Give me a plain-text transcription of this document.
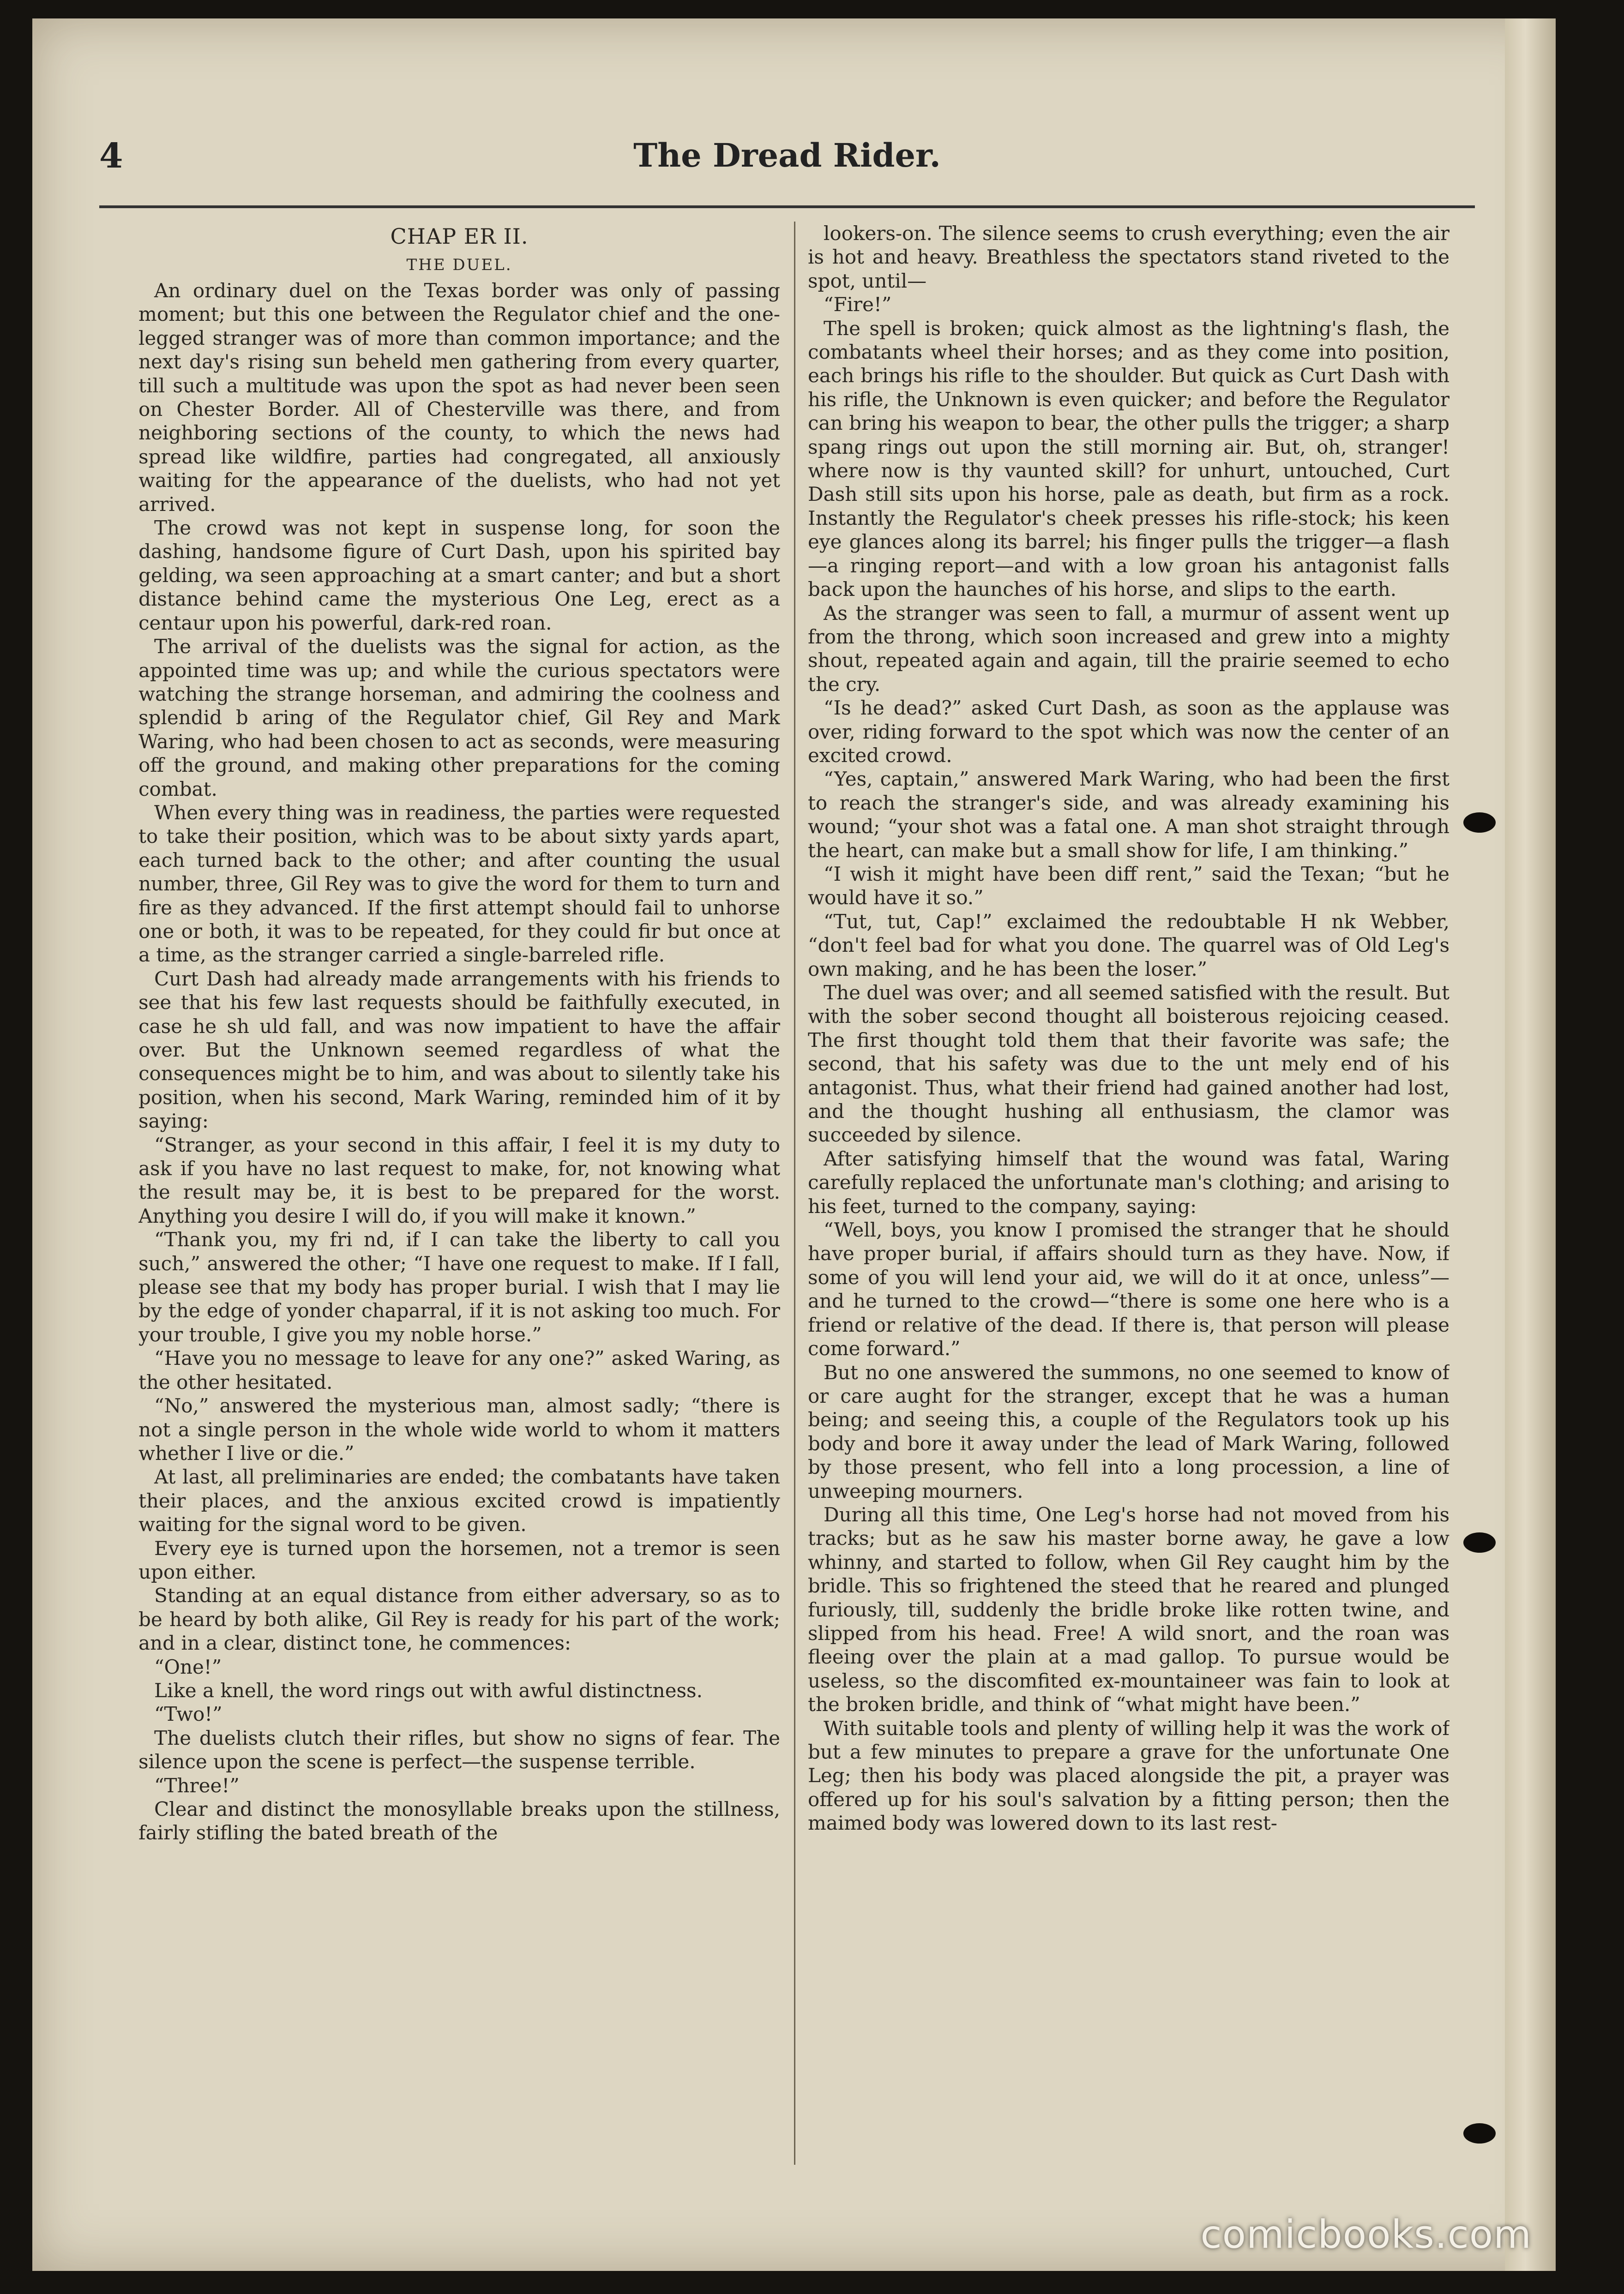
4	The Dread Rider.
CHAP ER II.
THE DUEL.

An ordinary duel on the Texas border was only of passing moment; but this one between the Regulator chief and the one-legged stranger was of more than common importance; and the next day's rising sun beheld men gathering from every quarter, till such a multitude was upon the spot as had never been seen on Chester Border. All of Chesterville was there, and from neighboring sections of the county, to which the news had spread like wildfire, parties had congregated, all anxiously waiting for the appearance of the duelists, who had not yet arrived.

The crowd was not kept in suspense long, for soon the dashing, handsome figure of Curt Dash, upon his spirited bay gelding, wa seen approaching at a smart canter; and but a short distance behind came the mysterious One Leg, erect as a centaur upon his powerful, dark-red roan.

The arrival of the duelists was the signal for action, as the appointed time was up; and while the curious spectators were watching the strange horseman, and admiring the coolness and splendid b aring of the Regulator chief, Gil Rey and Mark Waring, who had been chosen to act as seconds, were measuring off the ground, and making other preparations for the coming combat.

When every thing was in readiness, the parties were requested to take their position, which was to be about sixty yards apart, each turned back to the other; and after counting the usual number, three, Gil Rey was to give the word for them to turn and fire as they advanced. If the first attempt should fail to unhorse one or both, it was to be repeated, for they could fir but once at a time, as the stranger carried a single-barreled rifle.

Curt Dash had already made arrangements with his friends to see that his few last requests should be faithfully executed, in case he sh uld fall, and was now impatient to have the affair over. But the Unknown seemed regardless of what the consequences might be to him, and was about to silently take his position, when his second, Mark Waring, reminded him of it by saying:

“Stranger, as your second in this affair, I feel it is my duty to ask if you have no last request to make, for, not knowing what the result may be, it is best to be prepared for the worst. Anything you desire I will do, if you will make it known.”

“Thank you, my fri nd, if I can take the liberty to call you such,” answered the other; “I have one request to make. If I fall, please see that my body has proper burial. I wish that I may lie by the edge of yonder chaparral, if it is not asking too much. For your trouble, I give you my noble horse.”

“Have you no message to leave for any one?” asked Waring, as the other hesitated.

“No,” answered the mysterious man, almost sadly; “there is not a single person in the whole wide world to whom it matters whether I live or die.”

At last, all preliminaries are ended; the combatants have taken their places, and the anxious excited crowd is impatiently waiting for the signal word to be given.

Every eye is turned upon the horsemen, not a tremor is seen upon either.

Standing at an equal distance from either adversary, so as to be heard by both alike, Gil Rey is ready for his part of the work; and in a clear, distinct tone, he commences:

“One!”

Like a knell, the word rings out with awful distinctness.

“Two!”

The duelists clutch their rifles, but show no signs of fear. The silence upon the scene is perfect—the suspense terrible.

“Three!”

Clear and distinct the monosyllable breaks upon the stillness, fairly stifling the bated breath of the

lookers-on. The silence seems to crush everything; even the air is hot and heavy. Breathless the spectators stand riveted to the spot, until—

“Fire!”

The spell is broken; quick almost as the lightning's flash, the combatants wheel their horses; and as they come into position, each brings his rifle to the shoulder. But quick as Curt Dash with his rifle, the Unknown is even quicker; and before the Regulator can bring his weapon to bear, the other pulls the trigger; a sharp spang rings out upon the still morning air. But, oh, stranger! where now is thy vaunted skill? for unhurt, untouched, Curt Dash still sits upon his horse, pale as death, but firm as a rock. Instantly the Regulator's cheek presses his rifle-stock; his keen eye glances along its barrel; his finger pulls the trigger—a flash—a ringing report—and with a low groan his antagonist falls back upon the haunches of his horse, and slips to the earth.

As the stranger was seen to fall, a murmur of assent went up from the throng, which soon increased and grew into a mighty shout, repeated again and again, till the prairie seemed to echo the cry.

“Is he dead?” asked Curt Dash, as soon as the applause was over, riding forward to the spot which was now the center of an excited crowd.

“Yes, captain,” answered Mark Waring, who had been the first to reach the stranger's side, and was already examining his wound; “your shot was a fatal one. A man shot straight through the heart, can make but a small show for life, I am thinking.”

“I wish it might have been diff rent,” said the Texan; “but he would have it so.”

“Tut, tut, Cap!” exclaimed the redoubtable H nk Webber, “don't feel bad for what you done. The quarrel was of Old Leg's own making, and he has been the loser.”

The duel was over; and all seemed satisfied with the result. But with the sober second thought all boisterous rejoicing ceased. The first thought told them that their favorite was safe; the second, that his safety was due to the unt mely end of his antagonist. Thus, what their friend had gained another had lost, and the thought hushing all enthusiasm, the clamor was succeeded by silence.

After satisfying himself that the wound was fatal, Waring carefully replaced the unfortunate man's clothing; and arising to his feet, turned to the company, saying:

“Well, boys, you know I promised the stranger that he should have proper burial, if affairs should turn as they have. Now, if some of you will lend your aid, we will do it at once, unless”—and he turned to the crowd—“there is some one here who is a friend or relative of the dead. If there is, that person will please come forward.”

But no one answered the summons, no one seemed to know of or care aught for the stranger, except that he was a human being; and seeing this, a couple of the Regulators took up his body and bore it away under the lead of Mark Waring, followed by those present, who fell into a long procession, a line of unweeping mourners.

During all this time, One Leg's horse had not moved from his tracks; but as he saw his master borne away, he gave a low whinny, and started to follow, when Gil Rey caught him by the bridle. This so frightened the steed that he reared and plunged furiously, till, suddenly the bridle broke like rotten twine, and slipped from his head. Free! A wild snort, and the roan was fleeing over the plain at a mad gallop. To pursue would be useless, so the discomfited ex-mountaineer was fain to look at the broken bridle, and think of “what might have been.”

With suitable tools and plenty of willing help it was the work of but a few minutes to prepare a grave for the unfortunate One Leg; then his body was placed alongside the pit, a prayer was offered up for his soul's salvation by a fitting person; then the maimed body was lowered down to its last rest-

comicbooks.com
